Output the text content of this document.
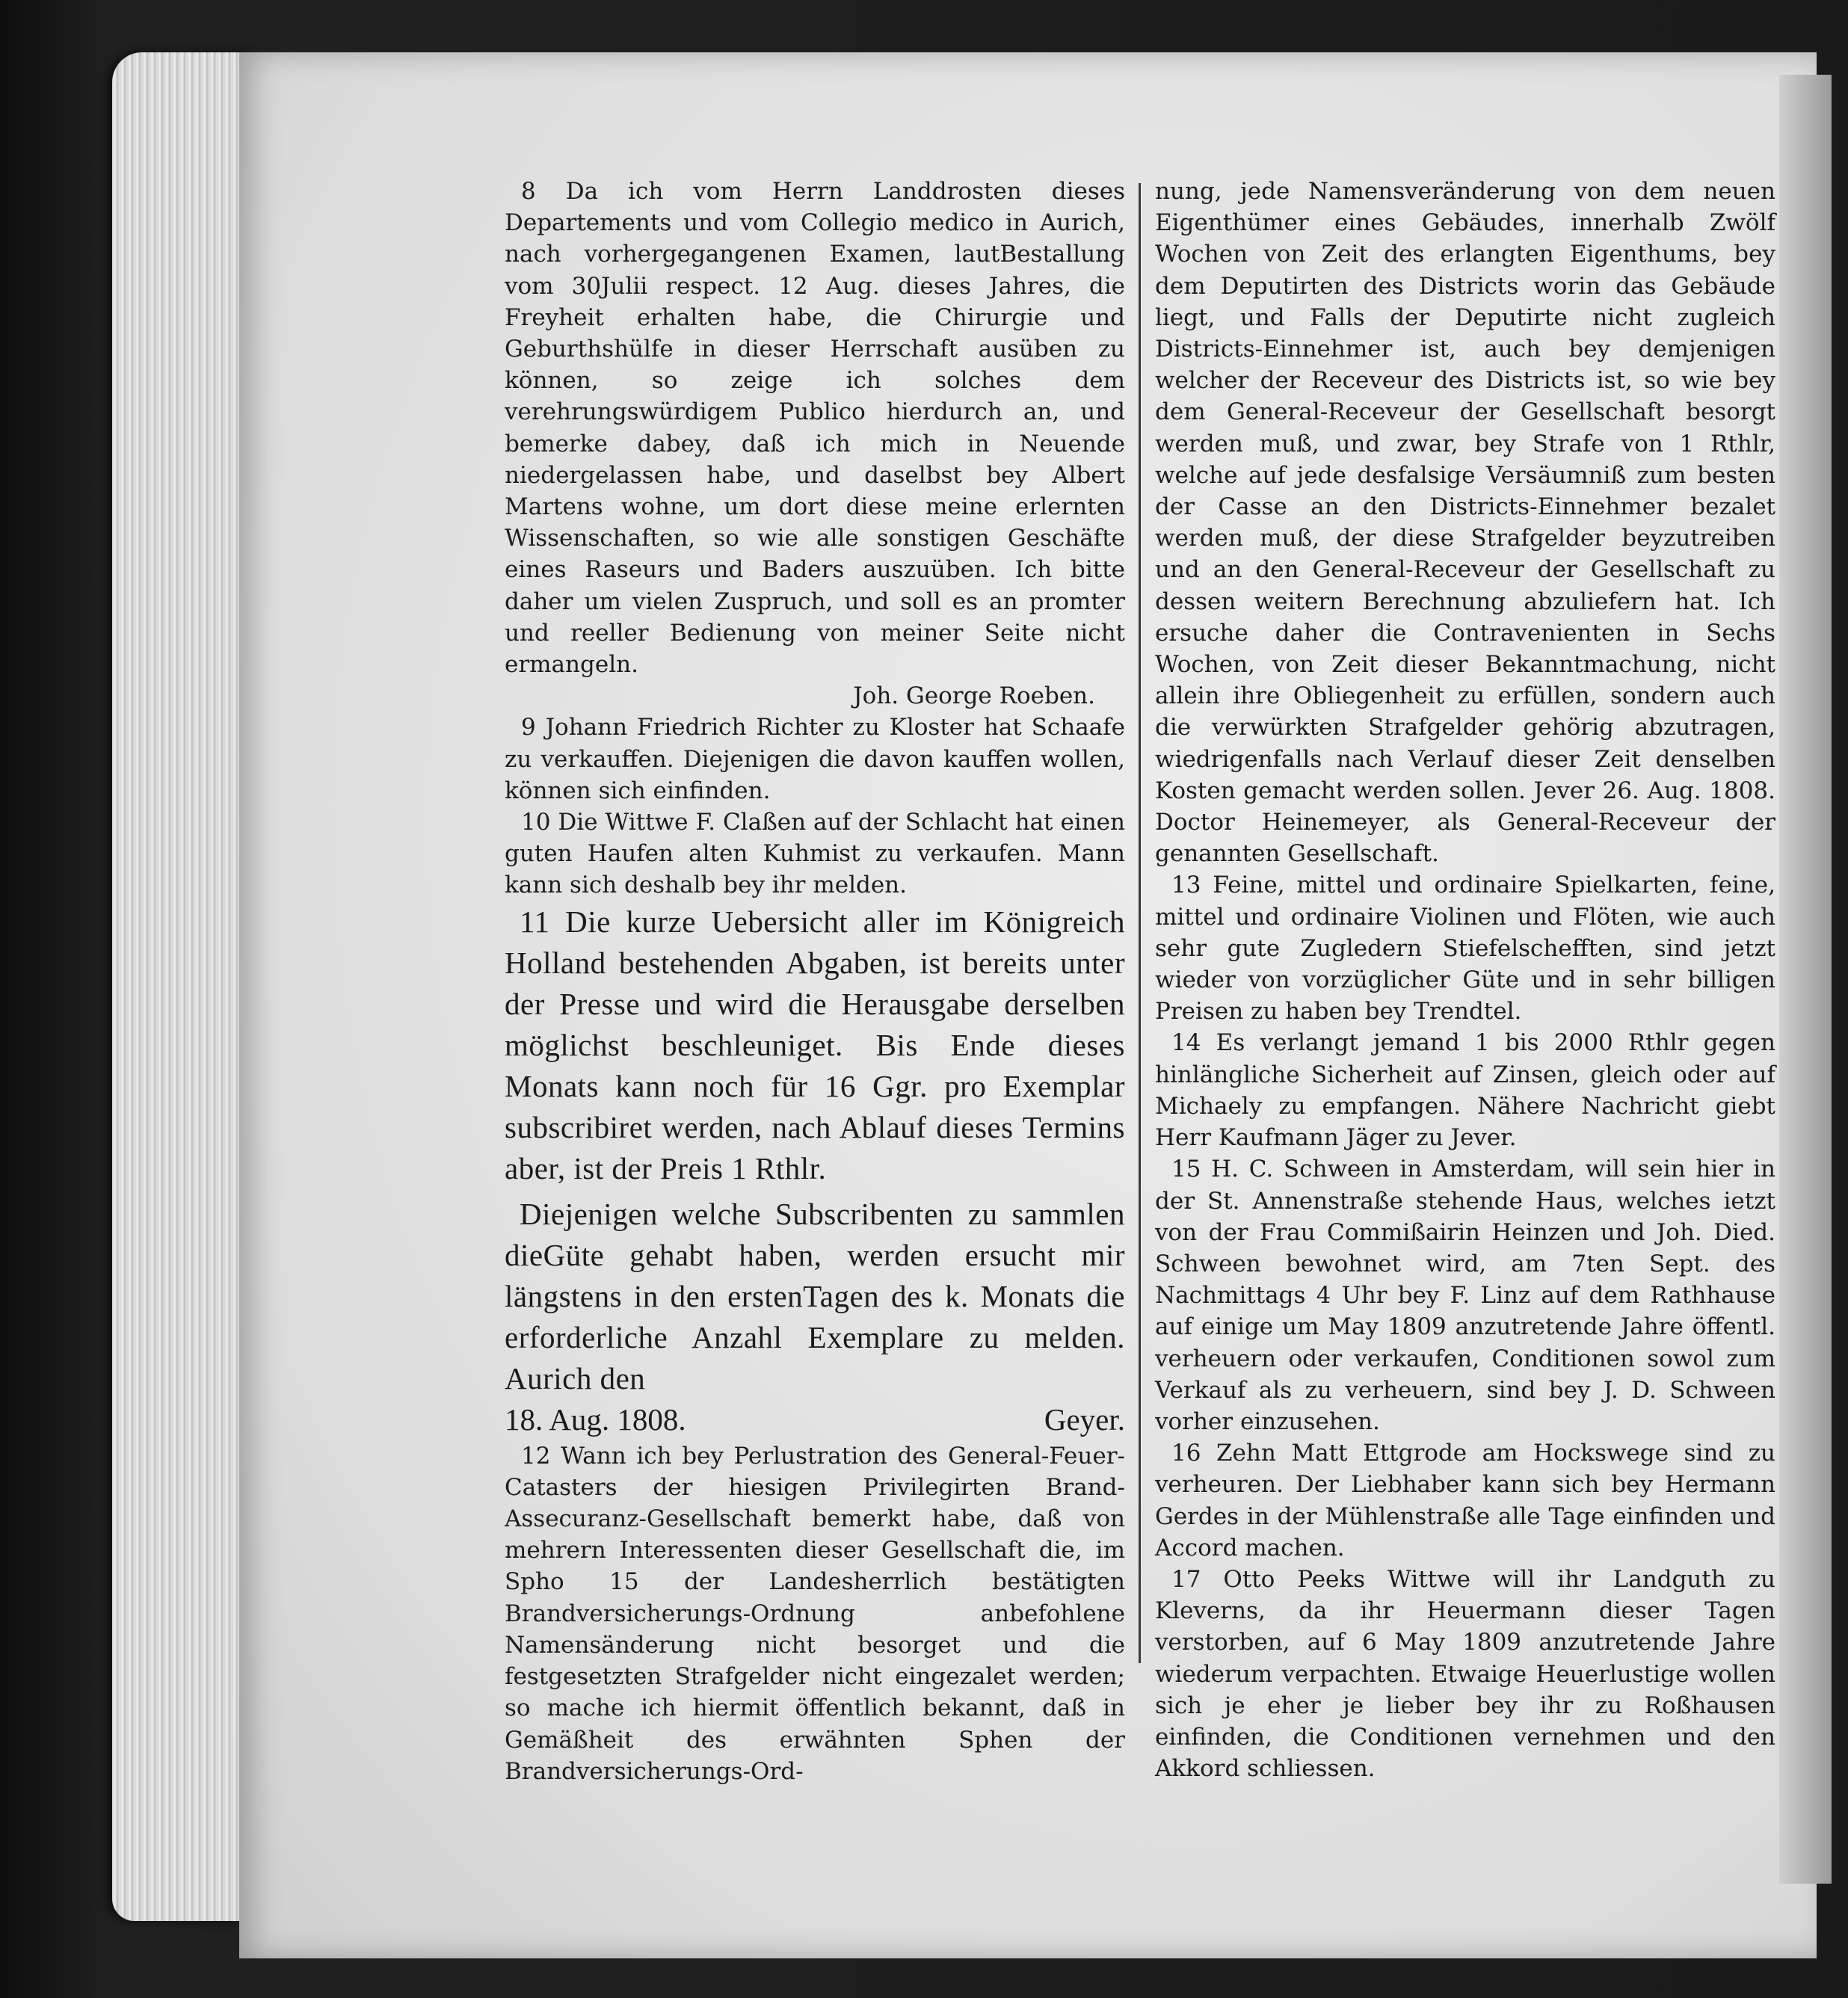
8 Da ich vom Herrn Landdrosten dieses Departements und vom Collegio medico in Aurich, nach vorhergegangenen Examen, lautBestallung vom 30Julii respect. 12 Aug. dieses Jahres, die Freyheit erhalten habe, die Chirurgie und Geburthshülfe in dieser Herrschaft ausüben zu können, so zeige ich solches dem verehrungswürdigem Publico hierdurch an, und bemerke dabey, daß ich mich in Neuende niedergelassen habe, und daselbst bey Albert Martens wohne, um dort diese meine erlernten Wissenschaften, so wie alle sonstigen Geschäfte eines Raseurs und Baders auszuüben. Ich bitte daher um vielen Zuspruch, und soll es an promter und reeller Bedienung von meiner Seite nicht ermangeln.

Joh. George Roeben.

9 Johann Friedrich Richter zu Kloster hat Schaafe zu verkauffen. Diejenigen die davon kauffen wollen, können sich einfinden.

10 Die Wittwe F. Claßen auf der Schlacht hat einen guten Haufen alten Kuhmist zu verkaufen. Mann kann sich deshalb bey ihr melden.

11 Die kurze Uebersicht aller im Königreich Holland bestehenden Abgaben, ist bereits unter der Presse und wird die Herausgabe derselben möglichst beschleuniget. Bis Ende dieses Monats kann noch für 16 Ggr. pro Exemplar subscribiret werden, nach Ablauf dieses Termins aber, ist der Preis 1 Rthlr.

Diejenigen welche Subscribenten zu sammlen dieGüte gehabt haben, werden ersucht mir längstens in den erstenTagen des k. Monats die erforderliche Anzahl Exemplare zu melden. Aurich den

18. Aug. 1808.	Geyer.

12 Wann ich bey Perlustration des General-Feuer-Catasters der hiesigen Privilegirten Brand-Assecuranz-Gesellschaft bemerkt habe, daß von mehrern Interessenten dieser Gesellschaft die, im Spho 15 der Landesherrlich bestätigten Brandversicherungs-Ordnung anbefohlene Namensänderung nicht besorget und die festgesetzten Strafgelder nicht eingezalet werden; so mache ich hiermit öffentlich bekannt, daß in Gemäßheit des erwähnten Sphen der Brandversicherungs-Ord-

nung, jede Namensveränderung von dem neuen Eigenthümer eines Gebäudes, innerhalb Zwölf Wochen von Zeit des erlangten Eigenthums, bey dem Deputirten des Districts worin das Gebäude liegt, und Falls der Deputirte nicht zugleich Districts-Einnehmer ist, auch bey demjenigen welcher der Receveur des Districts ist, so wie bey dem General-Receveur der Gesellschaft besorgt werden muß, und zwar, bey Strafe von 1 Rthlr, welche auf jede desfalsige Versäumniß zum besten der Casse an den Districts-Einnehmer bezalet werden muß, der diese Strafgelder beyzutreiben und an den General-Receveur der Gesellschaft zu dessen weitern Berechnung abzuliefern hat. Ich ersuche daher die Contravenienten in Sechs Wochen, von Zeit dieser Bekanntmachung, nicht allein ihre Obliegenheit zu erfüllen, sondern auch die verwürkten Strafgelder gehörig abzutragen, wiedrigenfalls nach Verlauf dieser Zeit denselben Kosten gemacht werden sollen. Jever 26. Aug. 1808. Doctor Heinemeyer, als General-Receveur der genannten Gesellschaft.

13 Feine, mittel und ordinaire Spielkarten, feine, mittel und ordinaire Violinen und Flöten, wie auch sehr gute Zugledern Stiefelschefften, sind jetzt wieder von vorzüglicher Güte und in sehr billigen Preisen zu haben bey Trendtel.

14 Es verlangt jemand 1 bis 2000 Rthlr gegen hinlängliche Sicherheit auf Zinsen, gleich oder auf Michaely zu empfangen. Nähere Nachricht giebt Herr Kaufmann Jäger zu Jever.

15 H. C. Schween in Amsterdam, will sein hier in der St. Annenstraße stehende Haus, welches ietzt von der Frau Commißairin Heinzen und Joh. Died. Schween bewohnet wird, am 7ten Sept. des Nachmittags 4 Uhr bey F. Linz auf dem Rathhause auf einige um May 1809 anzutretende Jahre öffentl. verheuern oder verkaufen, Conditionen sowol zum Verkauf als zu verheuern, sind bey J. D. Schween vorher einzusehen.

16 Zehn Matt Ettgrode am Hockswege sind zu verheuren. Der Liebhaber kann sich bey Hermann Gerdes in der Mühlenstraße alle Tage einfinden und Accord machen.

17 Otto Peeks Wittwe will ihr Landguth zu Kleverns, da ihr Heuermann dieser Tagen verstorben, auf 6 May 1809 anzutretende Jahre wiederum verpachten. Etwaige Heuerlustige wollen sich je eher je lieber bey ihr zu Roßhausen einfinden, die Conditionen vernehmen und den Akkord schliessen.
